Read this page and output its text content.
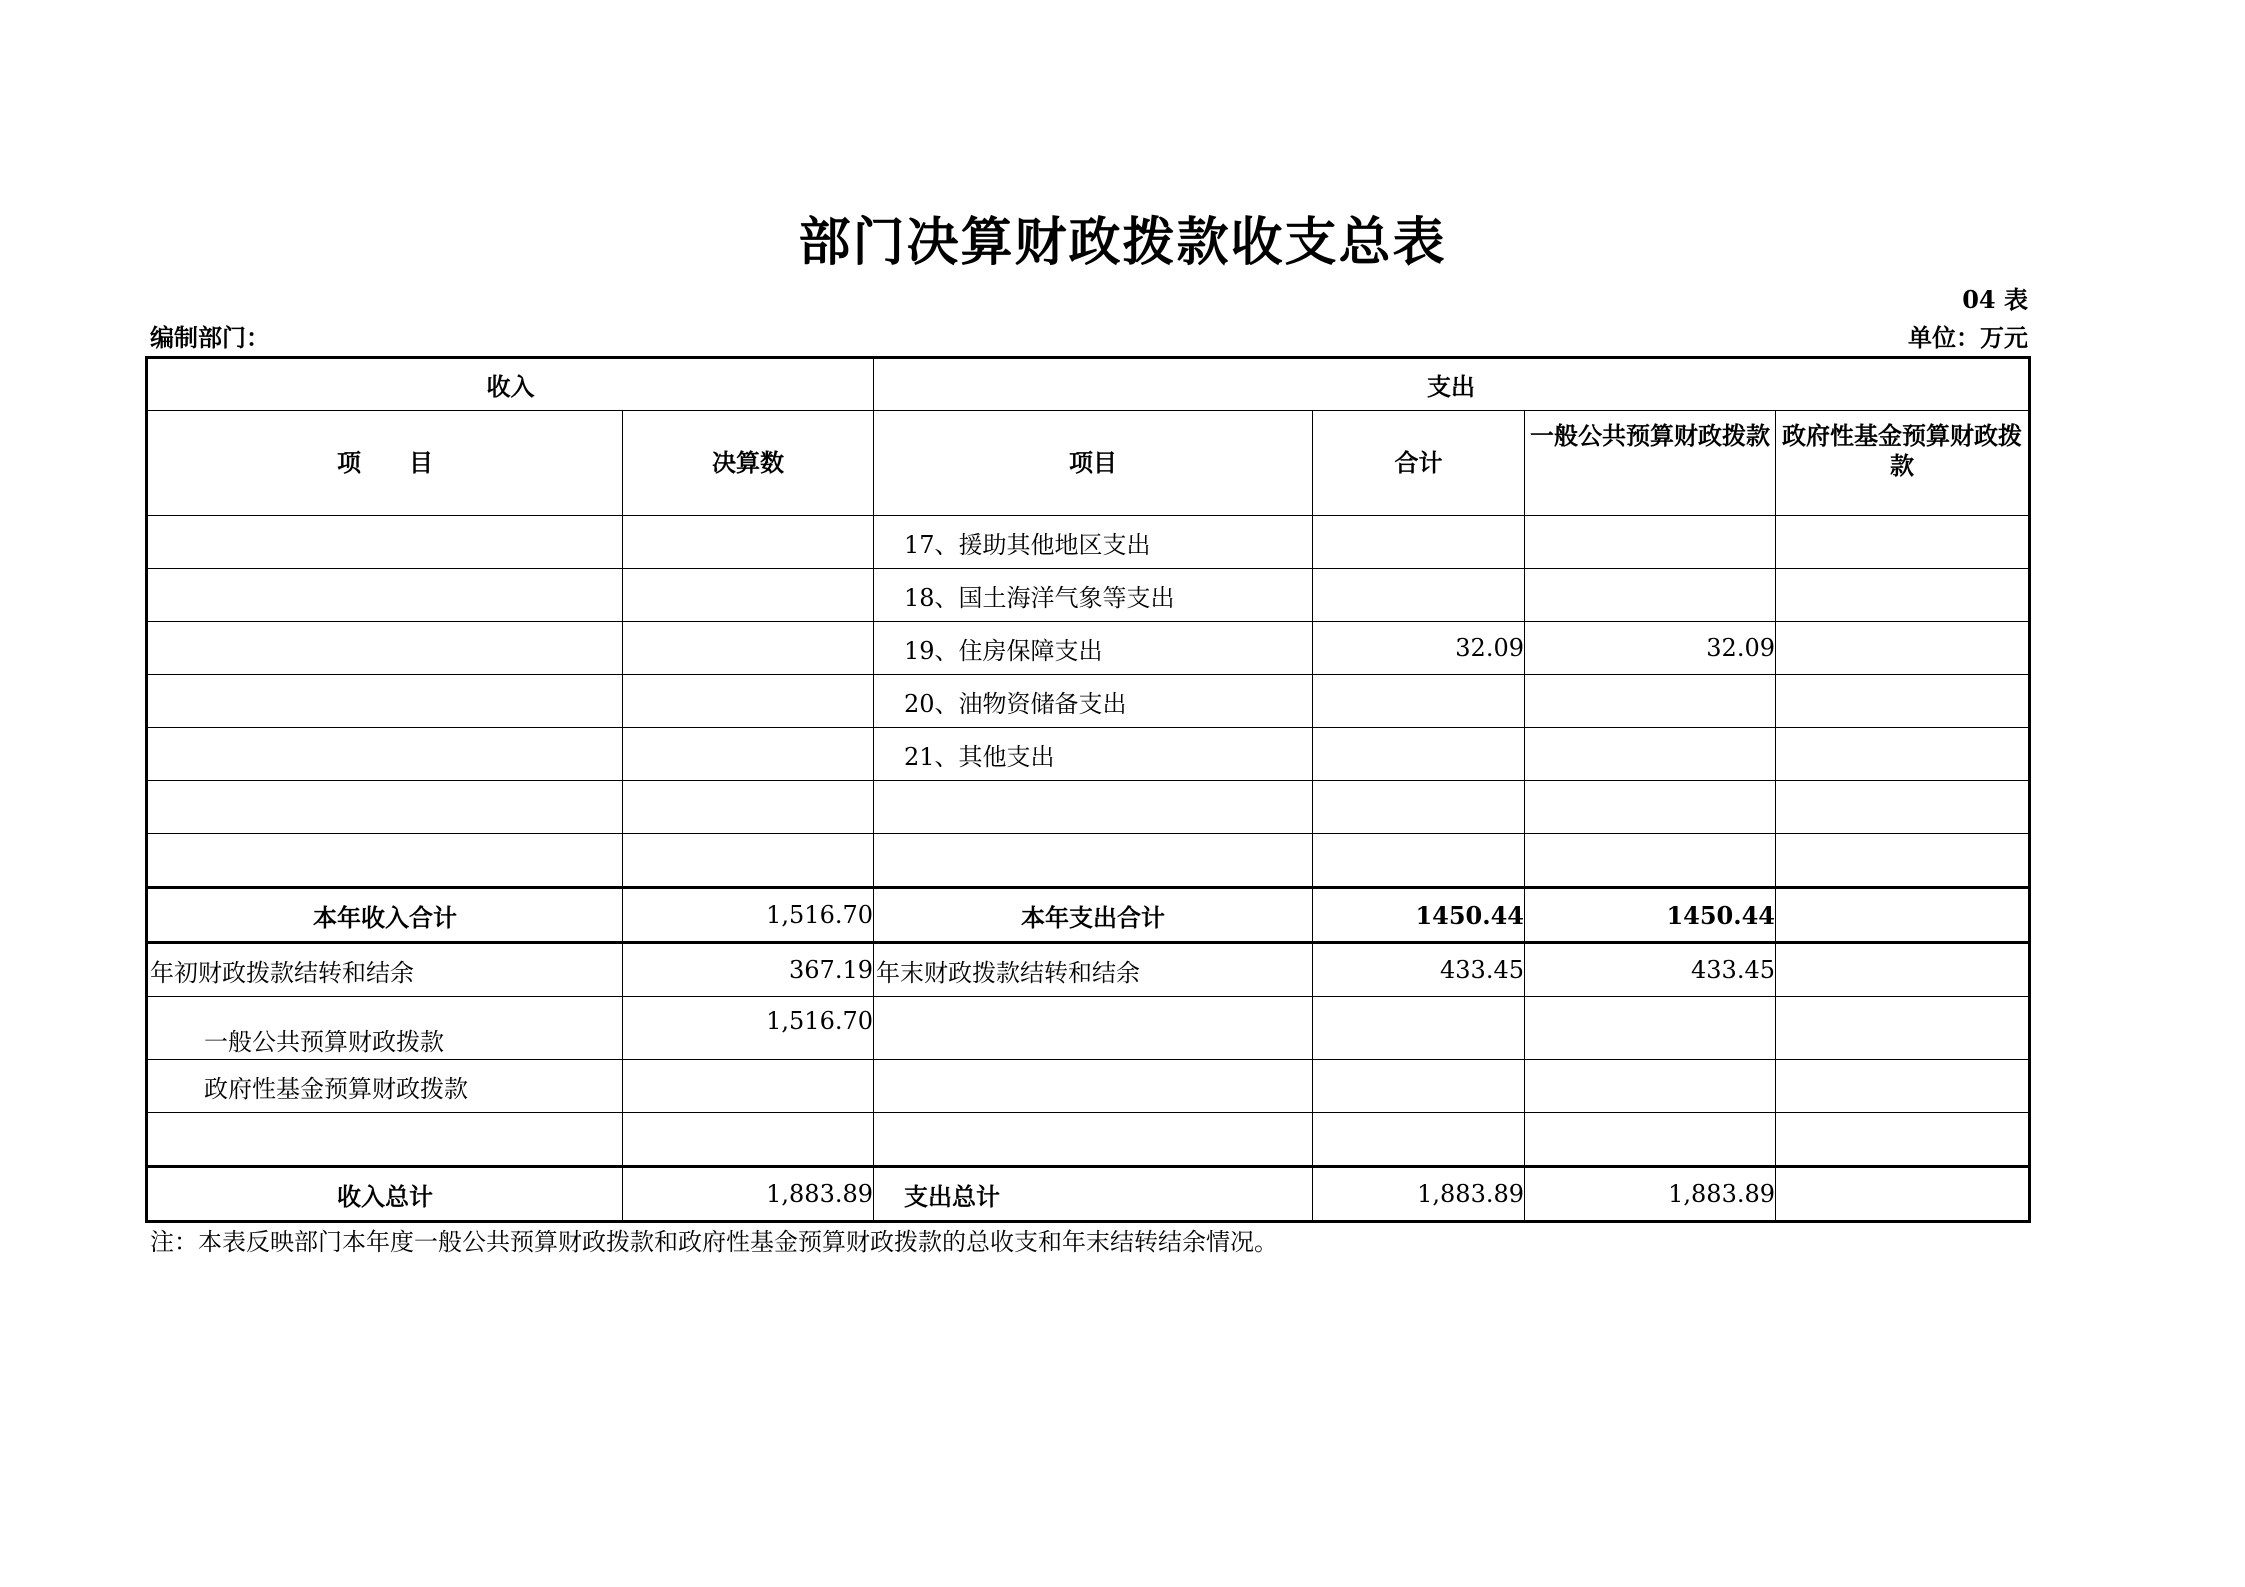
部门决算财政拨款收支总表
04 表
编制部门：	单位：万元
收入		支出			
项　　目	决算数	项目	合计	一般公共预算财政拨款	政府性基金预算财政拨款
		17、援助其他地区支出			
		18、国土海洋气象等支出			
		19、住房保障支出	32.09	32.09	
		20、油物资储备支出			
		21、其他支出			

本年收入合计	1,516.70	本年支出合计	1450.44	1450.44	
年初财政拨款结转和结余	367.19	年末财政拨款结转和结余	433.45	433.45	
一般公共预算财政拨款	1,516.70				
政府性基金预算财政拨款					

收入总计	1,883.89	支出总计	1,883.89	1,883.89	
注：本表反映部门本年度一般公共预算财政拨款和政府性基金预算财政拨款的总收支和年末结转结余情况。
